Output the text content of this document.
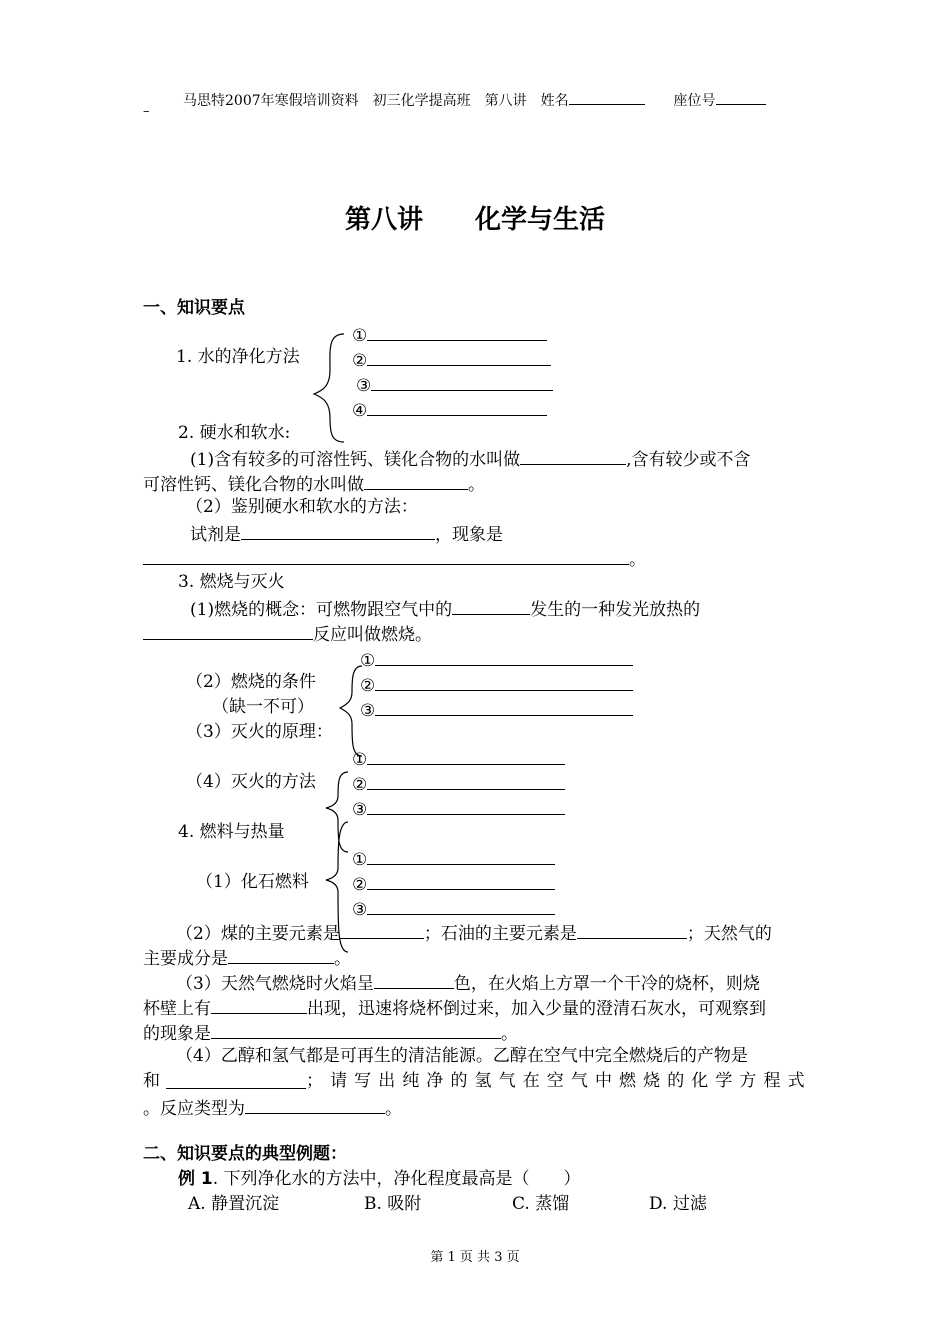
马思特2007年寒假培训资料　初三化学提高班　第八讲　姓名	座位号
–
第八讲　　化学与生活
一、知识要点
1. 水的净化方法
①
②
③
④
2. 硬水和软水:
(1)含有较多的可溶性钙、镁化合物的水叫做	,含有较少或不含
可溶性钙、镁化合物的水叫做	。
（2）鉴别硬水和软水的方法：
试剂是	，现象是
。
3. 燃烧与灭火
(1)燃烧的概念：可燃物跟空气中的	发生的一种发光放热的
反应叫做燃烧。
（2）燃烧的条件
（缺一不可）
①
②
③
（3）灭火的原理：
（4）灭火的方法
①
②
③
4. 燃料与热量
（1）化石燃料
①
②
③
（2）煤的主要元素是	；石油的主要元素是	；天然气的
主要成分是	。
（3）天然气燃烧时火焰呈	色，在火焰上方罩一个干冷的烧杯，则烧
杯壁上有	出现，迅速将烧杯倒过来，加入少量的澄清石灰水，可观察到
的现象是	。
（4）乙醇和氢气都是可再生的清洁能源。乙醇在空气中完全燃烧后的产物是
和	；请写出纯净的氢气在空气中燃烧的化学方程式
。反应类型为	。
二、知识要点的典型例题：
例 1. 下列净化水的方法中，净化程度最高是（　　）
A. 静置沉淀	B. 吸附	C. 蒸馏	D. 过滤
第 1 页 共 3 页
